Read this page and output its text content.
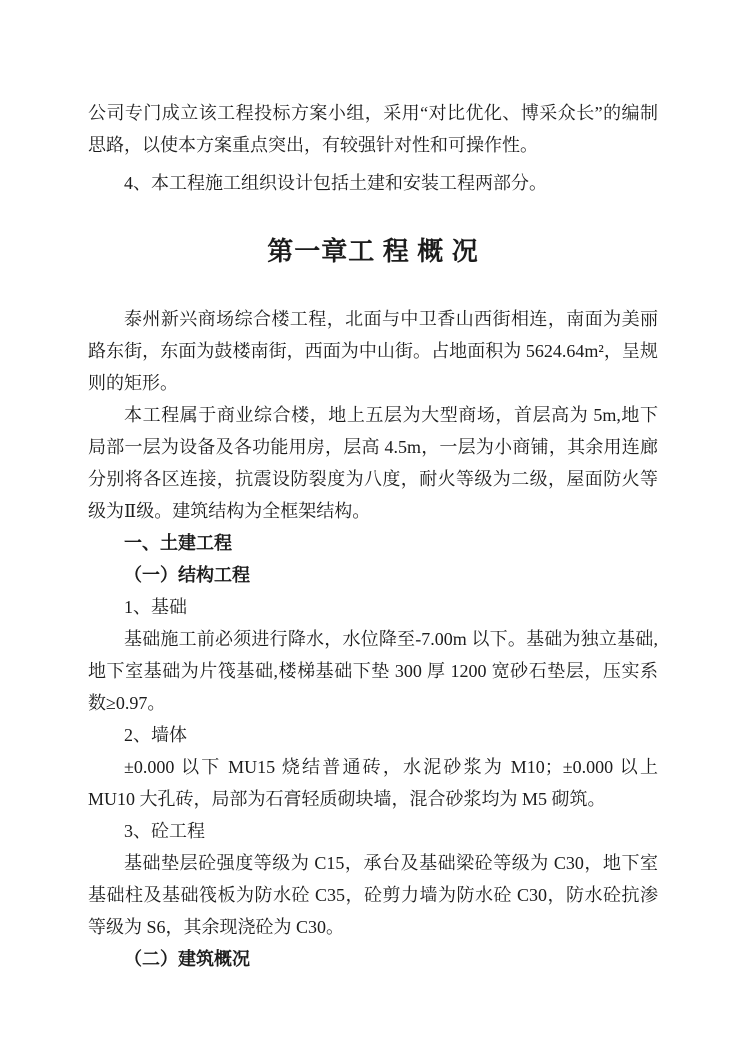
公司专门成立该工程投标方案小组，采用“对比优化、博采众长”的编制思路，以使本方案重点突出，有较强针对性和可操作性。

4、本工程施工组织设计包括土建和安装工程两部分。

第一章工 程 概 况

泰州新兴商场综合楼工程，北面与中卫香山西街相连，南面为美丽路东街，东面为鼓楼南街，西面为中山街。占地面积为 5624.64m²，呈规则的矩形。

本工程属于商业综合楼，地上五层为大型商场，首层高为 5m,地下局部一层为设备及各功能用房，层高 4.5m，一层为小商铺，其余用连廊分别将各区连接，抗震设防裂度为八度，耐火等级为二级，屋面防火等级为Ⅱ级。建筑结构为全框架结构。

一、土建工程

（一）结构工程

1、基础

基础施工前必须进行降水，水位降至-7.00m 以下。基础为独立基础,地下室基础为片筏基础,楼梯基础下垫 300 厚 1200 宽砂石垫层，压实系数≥0.97。

2、墙体

±0.000 以下 MU15 烧结普通砖，水泥砂浆为 M10；±0.000 以上 MU10 大孔砖，局部为石膏轻质砌块墙，混合砂浆均为 M5 砌筑。

3、砼工程

基础垫层砼强度等级为 C15，承台及基础梁砼等级为 C30，地下室基础柱及基础筏板为防水砼 C35，砼剪力墙为防水砼 C30，防水砼抗渗等级为 S6，其余现浇砼为 C30。

（二）建筑概况
